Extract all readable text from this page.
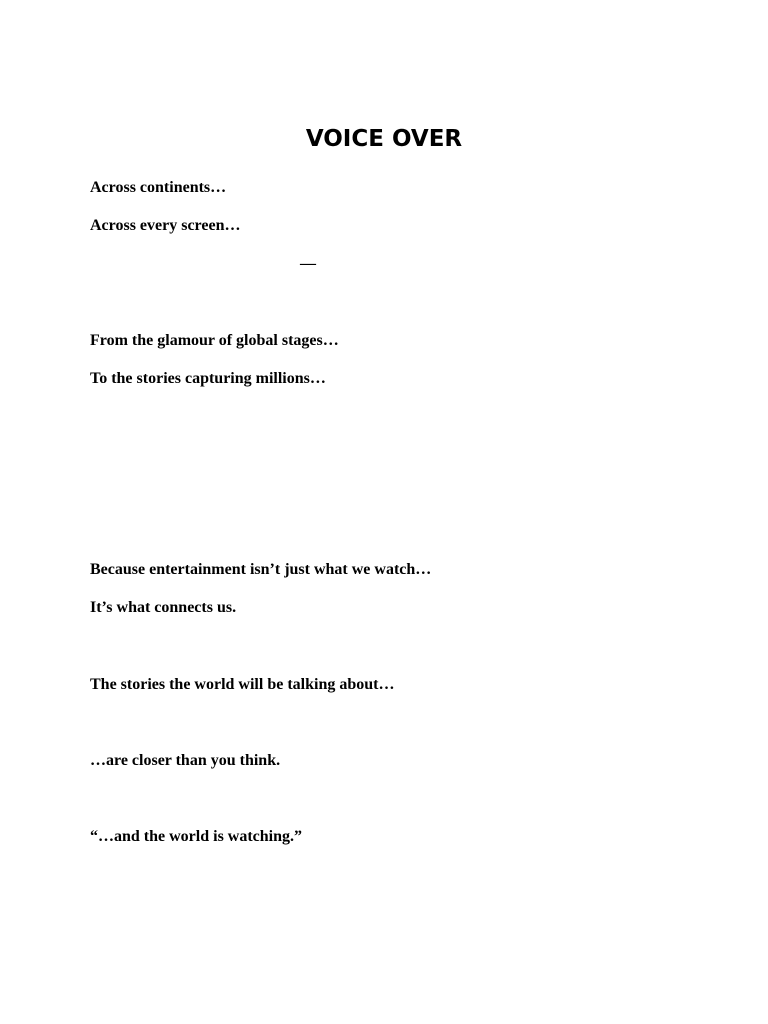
VOICE OVER

Across continents…

Across every screen…

—

From the glamour of global stages…

To the stories capturing millions…

Because entertainment isn’t just what we watch…

It’s what connects us.

The stories the world will be talking about…

…are closer than you think.

“…and the world is watching.”
